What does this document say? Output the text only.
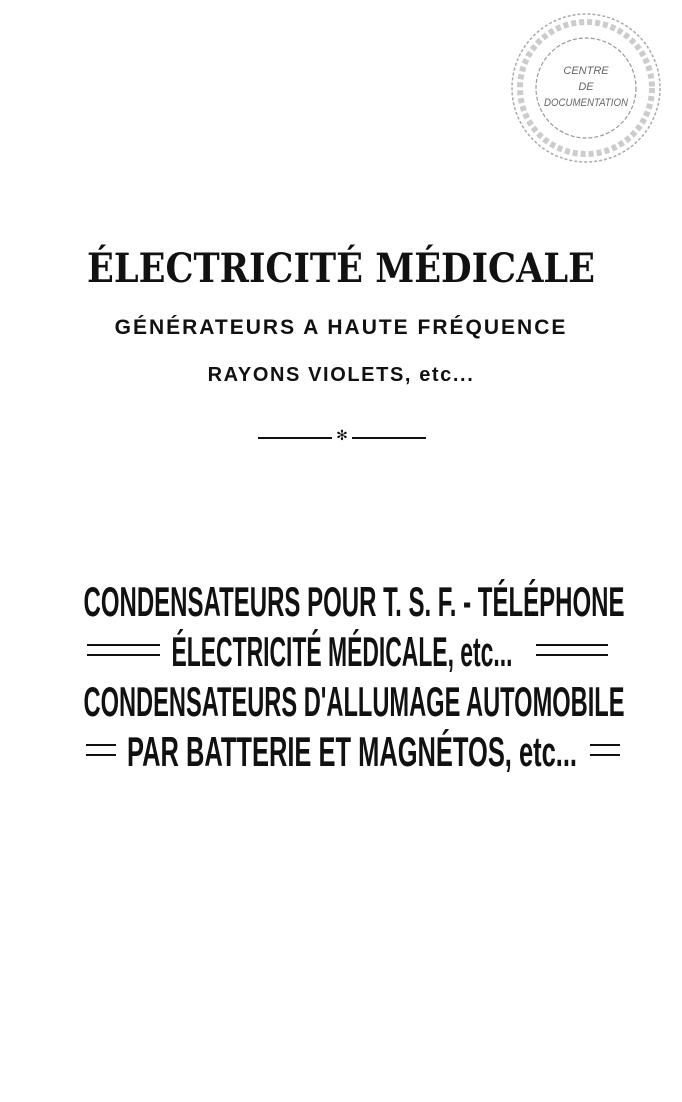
CENTRE
DE
DOCUMENTATION
ÉLECTRICITÉ MÉDICALE
GÉNÉRATEURS A HAUTE FRÉQUENCE
RAYONS VIOLETS, etc...
✻
CONDENSATEURS POUR T. S. F. - TÉLÉPHONE
ÉLECTRICITÉ MÉDICALE, etc...
CONDENSATEURS D'ALLUMAGE AUTOMOBILE
PAR BATTERIE ET MAGNÉTOS, etc...
